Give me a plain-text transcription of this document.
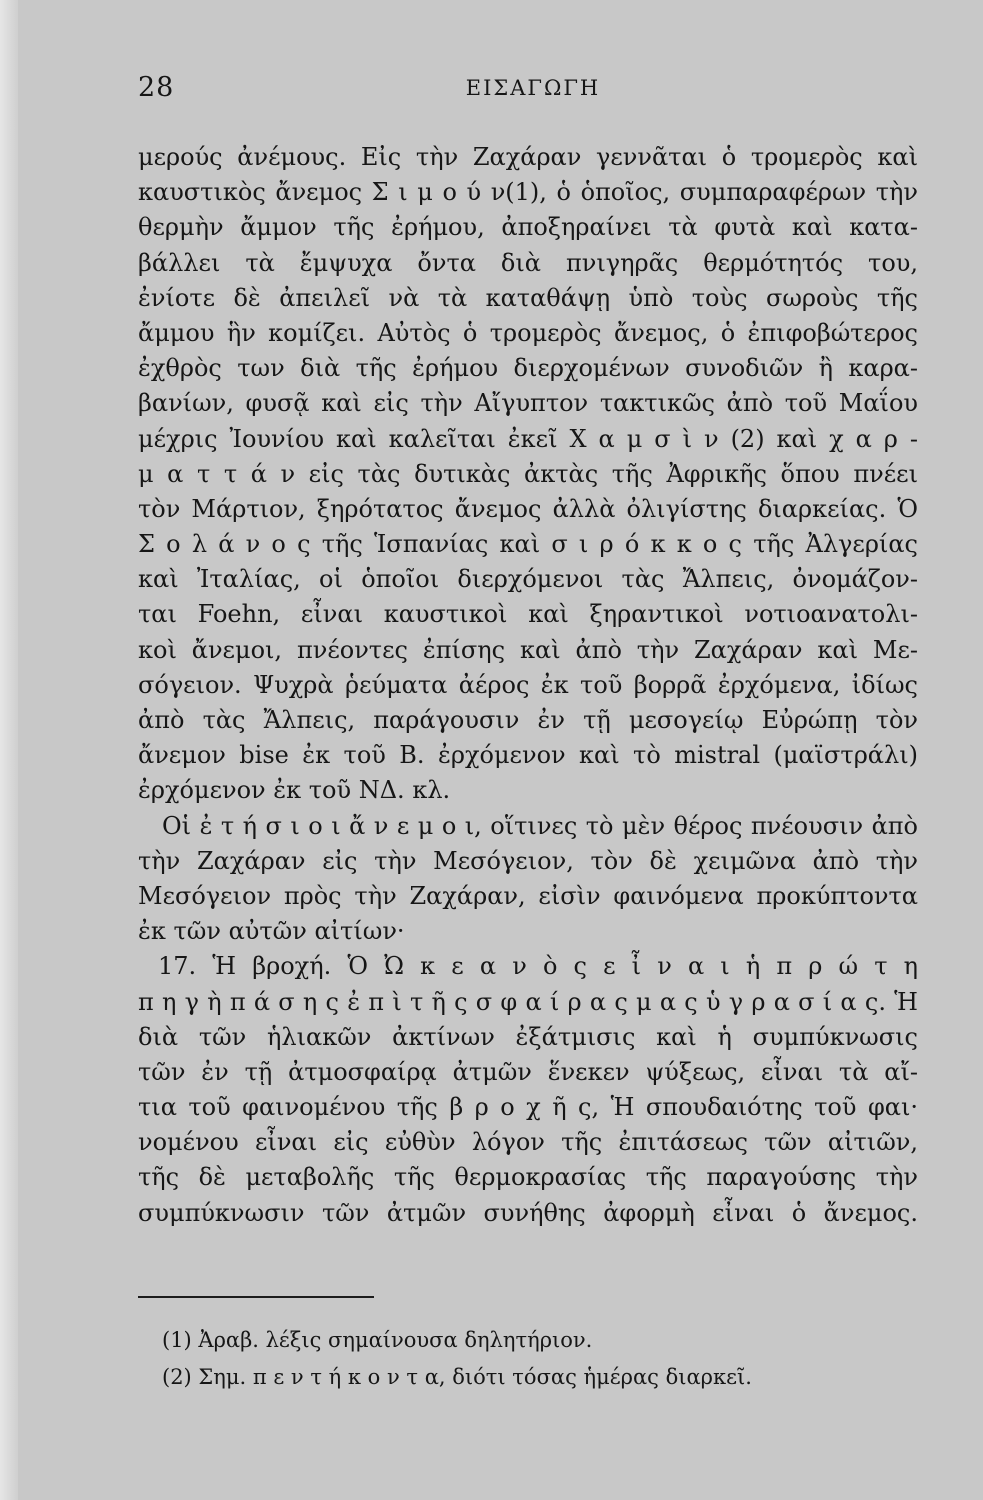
28	ΕΙΣΑΓΩΓΗ
μερούς ἀνέμους. Εἰς τὴν Ζαχάραν γεννᾶται ὁ τρομερὸς καὶ
καυστικὸς ἄνεμος Σ ι μ ο ύ ν(1), ὁ ὁποῖος, συμπαραφέρων τὴν
θερμὴν ἄμμον τῆς ἐρήμου, ἀποξηραίνει τὰ φυτὰ καὶ κατα-
βάλλει τὰ ἔμψυχα ὄντα διὰ πνιγηρᾶς θερμότητός του,
ἐνίοτε δὲ ἀπειλεῖ νὰ τὰ καταθάψῃ ὑπὸ τοὺς σωροὺς τῆς
ἄμμου ἣν κομίζει. Αὐτὸς ὁ τρομερὸς ἄνεμος, ὁ ἐπιφοβώτερος
ἐχθρὸς των διὰ τῆς ἐρήμου διερχομένων συνοδιῶν ἢ καρα-
βανίων, φυσᾷ καὶ εἰς τὴν Αἴγυπτον τακτικῶς ἀπὸ τοῦ Μαΐου
μέχρις Ἰουνίου καὶ καλεῖται ἐκεῖ Χ α μ σ ὶ ν (2) καὶ χ α ρ -
μ α τ τ ά ν εἰς τὰς δυτικὰς ἀκτὰς τῆς Ἀφρικῆς ὅπου πνέει
τὸν Μάρτιον, ξηρότατος ἄνεμος ἀλλὰ ὀλιγίστης διαρκείας. Ὁ
Σ ο λ ά ν ο ς τῆς Ἱσπανίας καὶ σ ι ρ ό κ κ ο ς τῆς Ἀλγερίας
καὶ Ἰταλίας, οἱ ὁποῖοι διερχόμενοι τὰς Ἄλπεις, ὀνομάζον-
ται Foehn, εἶναι καυστικοὶ καὶ ξηραντικοὶ νοτιοανατολι-
κοὶ ἄνεμοι, πνέοντες ἐπίσης καὶ ἀπὸ τὴν Ζαχάραν καὶ Με-
σόγειον. Ψυχρὰ ῥεύματα ἀέρος ἐκ τοῦ βορρᾶ ἐρχόμενα, ἰδίως
ἀπὸ τὰς Ἄλπεις, παράγουσιν ἐν τῇ μεσογείῳ Εὐρώπῃ τὸν
ἄνεμον bise ἐκ τοῦ Β. ἐρχόμενον καὶ τὸ mistral (μαϊστράλι)
ἐρχόμενον ἐκ τοῦ ΝΔ. κλ.
Οἱ ἐ τ ή σ ι ο ι ἄ ν ε μ ο ι, οἵτινες τὸ μὲν θέρος πνέουσιν ἀπὸ
τὴν Ζαχάραν εἰς τὴν Μεσόγειον, τὸν δὲ χειμῶνα ἀπὸ τὴν
Μεσόγειον πρὸς τὴν Ζαχάραν, εἰσὶν φαινόμενα προκύπτοντα
ἐκ τῶν αὐτῶν αἰτίων·
17. Ἡ βροχή. Ὁ Ὠ κ ε α ν ὸ ς ε ἶ ν α ι ἡ π ρ ώ τ η
π η γ ὴ π ά σ η ς ἐ π ὶ τ ῆ ς σ φ α ί ρ α ς μ α ς ὑ γ ρ α σ ί α ς. Ἡ
διὰ τῶν ἡλιακῶν ἀκτίνων ἐξάτμισις καὶ ἡ συμπύκνωσις
τῶν ἐν τῇ ἀτμοσφαίρᾳ ἀτμῶν ἕνεκεν ψύξεως, εἶναι τὰ αἴ-
τια τοῦ φαινομένου τῆς β ρ ο χ ῆ ς, Ἡ σπουδαιότης τοῦ φαι·
νομένου εἶναι εἰς εὐθὺν λόγον τῆς ἐπιτάσεως τῶν αἰτιῶν,
τῆς δὲ μεταβολῆς τῆς θερμοκρασίας τῆς παραγούσης τὴν
συμπύκνωσιν τῶν ἀτμῶν συνήθης ἀφορμὴ εἶναι ὁ ἄνεμος.
(1) Ἀραβ. λέξις σημαίνουσα δηλητήριον.
(2) Σημ. π ε ν τ ή κ ο ν τ α, διότι τόσας ἡμέρας διαρκεῖ.
